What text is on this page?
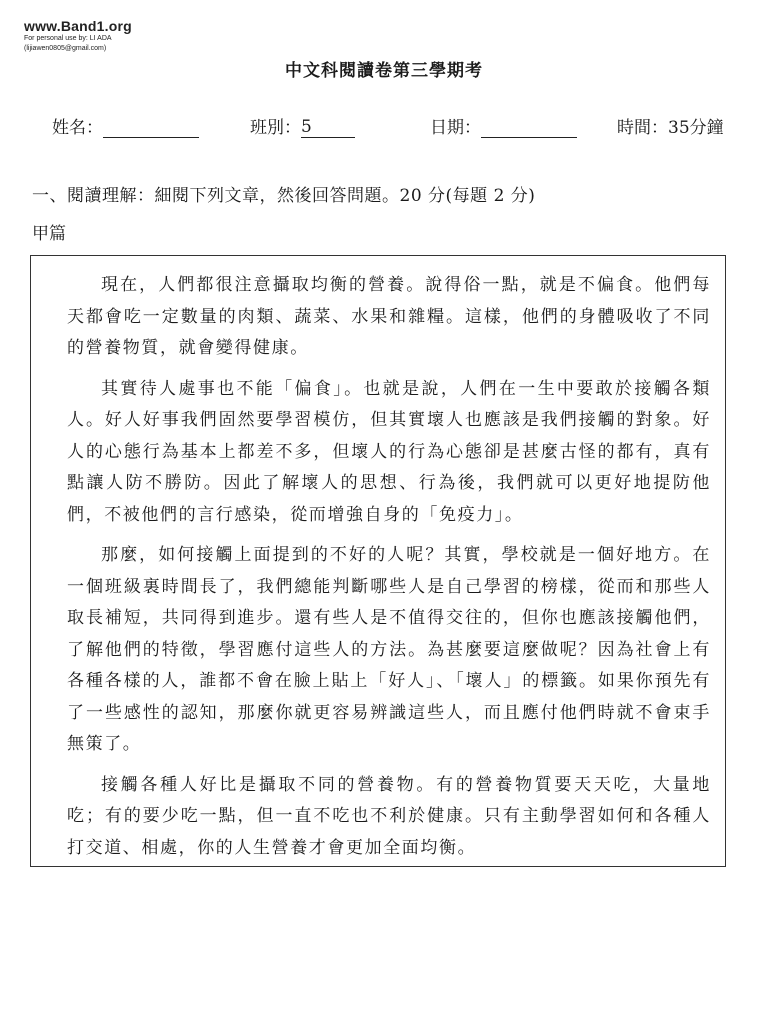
www.Band1.org
For personal use by: LI ADA
(lijiawen0805@gmail.com)
中文科閱讀卷第三學期考
姓名：	班別：5	日期：	時間：35分鐘
一、閱讀理解：細閱下列文章，然後回答問題。20 分(每題 2 分)
甲篇

現在，人們都很注意攝取均衡的營養。說得俗一點，就是不偏食。他們每天都會吃一定數量的肉類、蔬菜、水果和雜糧。這樣，他們的身體吸收了不同的營養物質，就會變得健康。

其實待人處事也不能「偏食」。也就是說，人們在一生中要敢於接觸各類人。好人好事我們固然要學習模仿，但其實壞人也應該是我們接觸的對象。好人的心態行為基本上都差不多，但壞人的行為心態卻是甚麼古怪的都有，真有點讓人防不勝防。因此了解壞人的思想、行為後，我們就可以更好地提防他們，不被他們的言行感染，從而增強自身的「免疫力」。

那麼，如何接觸上面提到的不好的人呢？其實，學校就是一個好地方。在一個班級裏時間長了，我們總能判斷哪些人是自己學習的榜樣，從而和那些人取長補短，共同得到進步。還有些人是不值得交往的，但你也應該接觸他們，了解他們的特徵，學習應付這些人的方法。為甚麼要這麼做呢？因為社會上有各種各樣的人，誰都不會在臉上貼上「好人」、「壞人」的標籤。如果你預先有了一些感性的認知，那麼你就更容易辨識這些人，而且應付他們時就不會束手無策了。

接觸各種人好比是攝取不同的營養物。有的營養物質要天天吃，大量地吃；有的要少吃一點，但一直不吃也不利於健康。只有主動學習如何和各種人打交道、相處，你的人生營養才會更加全面均衡。
